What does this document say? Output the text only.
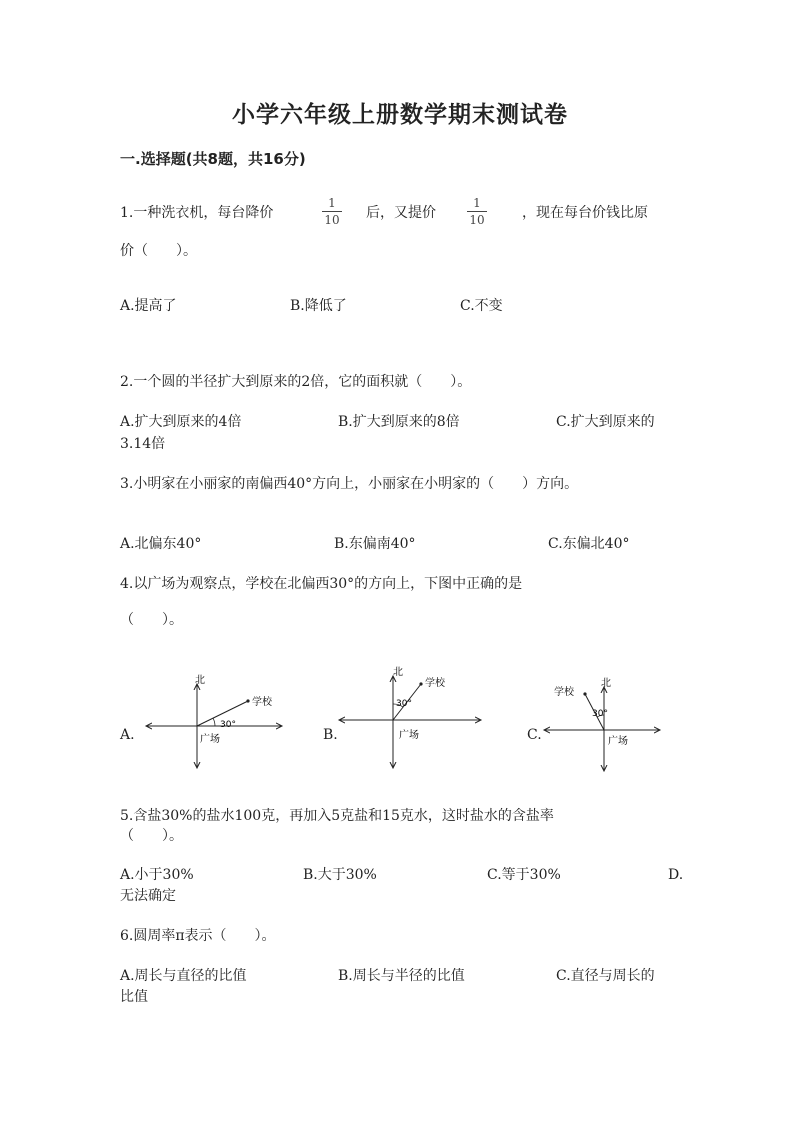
小学六年级上册数学期末测试卷
一.选择题(共8题，共16分)
1.一种洗衣机，每台降价
1
10 后，又提价
1
10	，现在每台价钱比原
价（　　）。
A.提高了	B.降低了	C.不变
2.一个圆的半径扩大到原来的2倍，它的面积就（　　）。
A.扩大到原来的4倍	B.扩大到原来的8倍	C.扩大到原来的
3.14倍
3.小明家在小丽家的南偏西40°方向上，小丽家在小明家的（　　）方向。
A.北偏东40°	B.东偏南40°	C.东偏北40°
4.以广场为观察点，学校在北偏西30°的方向上，下图中正确的是
（　　）。
A.	B.	C.
北
学校
30°
广场
北
学校
30°
广场
北
学校
30°
广场
5.含盐30%的盐水100克，再加入5克盐和15克水，这时盐水的含盐率
（　　）。
A.小于30%	B.大于30%	C.等于30%	D.
无法确定
6.圆周率π表示（　　）。
A.周长与直径的比值	B.周长与半径的比值	C.直径与周长的
比值
